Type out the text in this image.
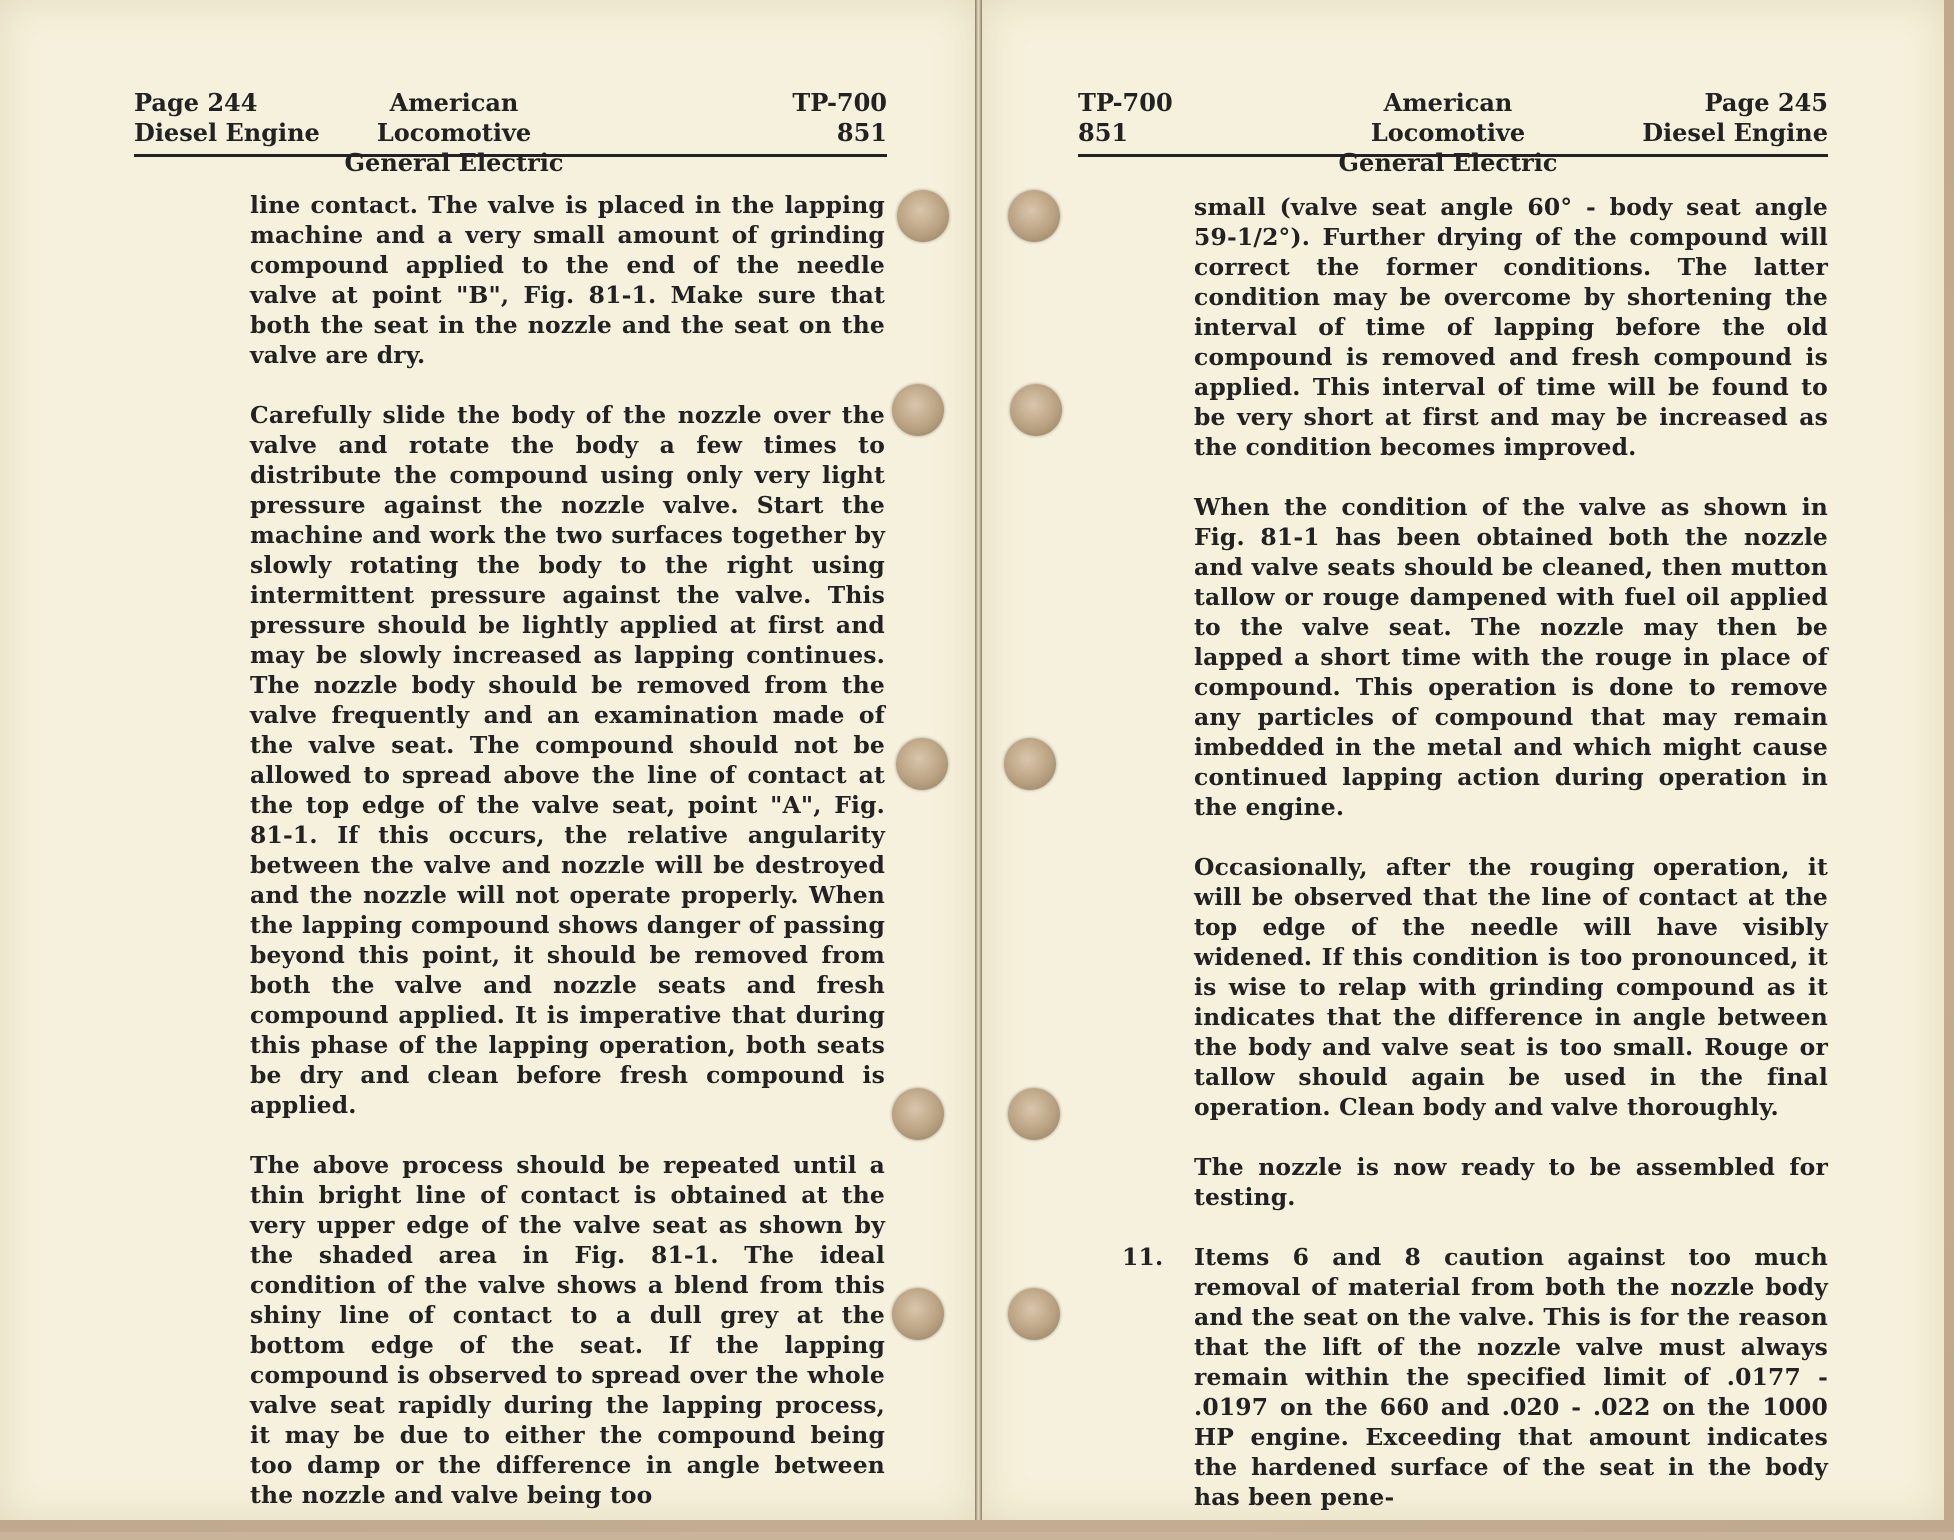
Page 244
Diesel Engine
American Locomotive
General Electric
TP-700
851

line contact. The valve is placed in the lapping machine and a very small amount of grinding compound applied to the end of the needle valve at point "B", Fig. 81-1. Make sure that both the seat in the nozzle and the seat on the valve are dry.

Carefully slide the body of the nozzle over the valve and rotate the body a few times to distribute the compound using only very light pressure against the nozzle valve. Start the machine and work the two surfaces together by slowly rotating the body to the right using intermittent pressure against the valve. This pressure should be lightly applied at first and may be slowly increased as lapping continues. The nozzle body should be removed from the valve frequently and an examination made of the valve seat. The compound should not be allowed to spread above the line of contact at the top edge of the valve seat, point "A", Fig. 81-1. If this occurs, the relative angularity between the valve and nozzle will be destroyed and the nozzle will not operate properly. When the lapping compound shows danger of passing beyond this point, it should be removed from both the valve and nozzle seats and fresh compound applied. It is imperative that during this phase of the lapping operation, both seats be dry and clean before fresh compound is applied.

The above process should be repeated until a thin bright line of contact is obtained at the very upper edge of the valve seat as shown by the shaded area in Fig. 81-1. The ideal condition of the valve shows a blend from this shiny line of contact to a dull grey at the bottom edge of the seat. If the lapping compound is observed to spread over the whole valve seat rapidly during the lapping process, it may be due to either the compound being too damp or the difference in angle between the nozzle and valve being too

TP-700
851
American Locomotive
General Electric
Page 245
Diesel Engine

small (valve seat angle 60° - body seat angle 59-1/2°). Further drying of the compound will correct the former conditions. The latter condition may be overcome by shortening the interval of time of lapping before the old compound is removed and fresh compound is applied. This interval of time will be found to be very short at first and may be increased as the condition becomes improved.

When the condition of the valve as shown in Fig. 81-1 has been obtained both the nozzle and valve seats should be cleaned, then mutton tallow or rouge dampened with fuel oil applied to the valve seat. The nozzle may then be lapped a short time with the rouge in place of compound. This operation is done to remove any particles of compound that may remain imbedded in the metal and which might cause continued lapping action during operation in the engine.

Occasionally, after the rouging operation, it will be observed that the line of contact at the top edge of the needle will have visibly widened. If this condition is too pronounced, it is wise to relap with grinding compound as it indicates that the difference in angle between the body and valve seat is too small. Rouge or tallow should again be used in the final operation. Clean body and valve thoroughly.

The nozzle is now ready to be assembled for testing.

11. Items 6 and 8 caution against too much removal of material from both the nozzle body and the seat on the valve. This is for the reason that the lift of the nozzle valve must always remain within the specified limit of .0177 - .0197 on the 660 and .020 - .022 on the 1000 HP engine. Exceeding that amount indicates the hardened surface of the seat in the body has been pene-
